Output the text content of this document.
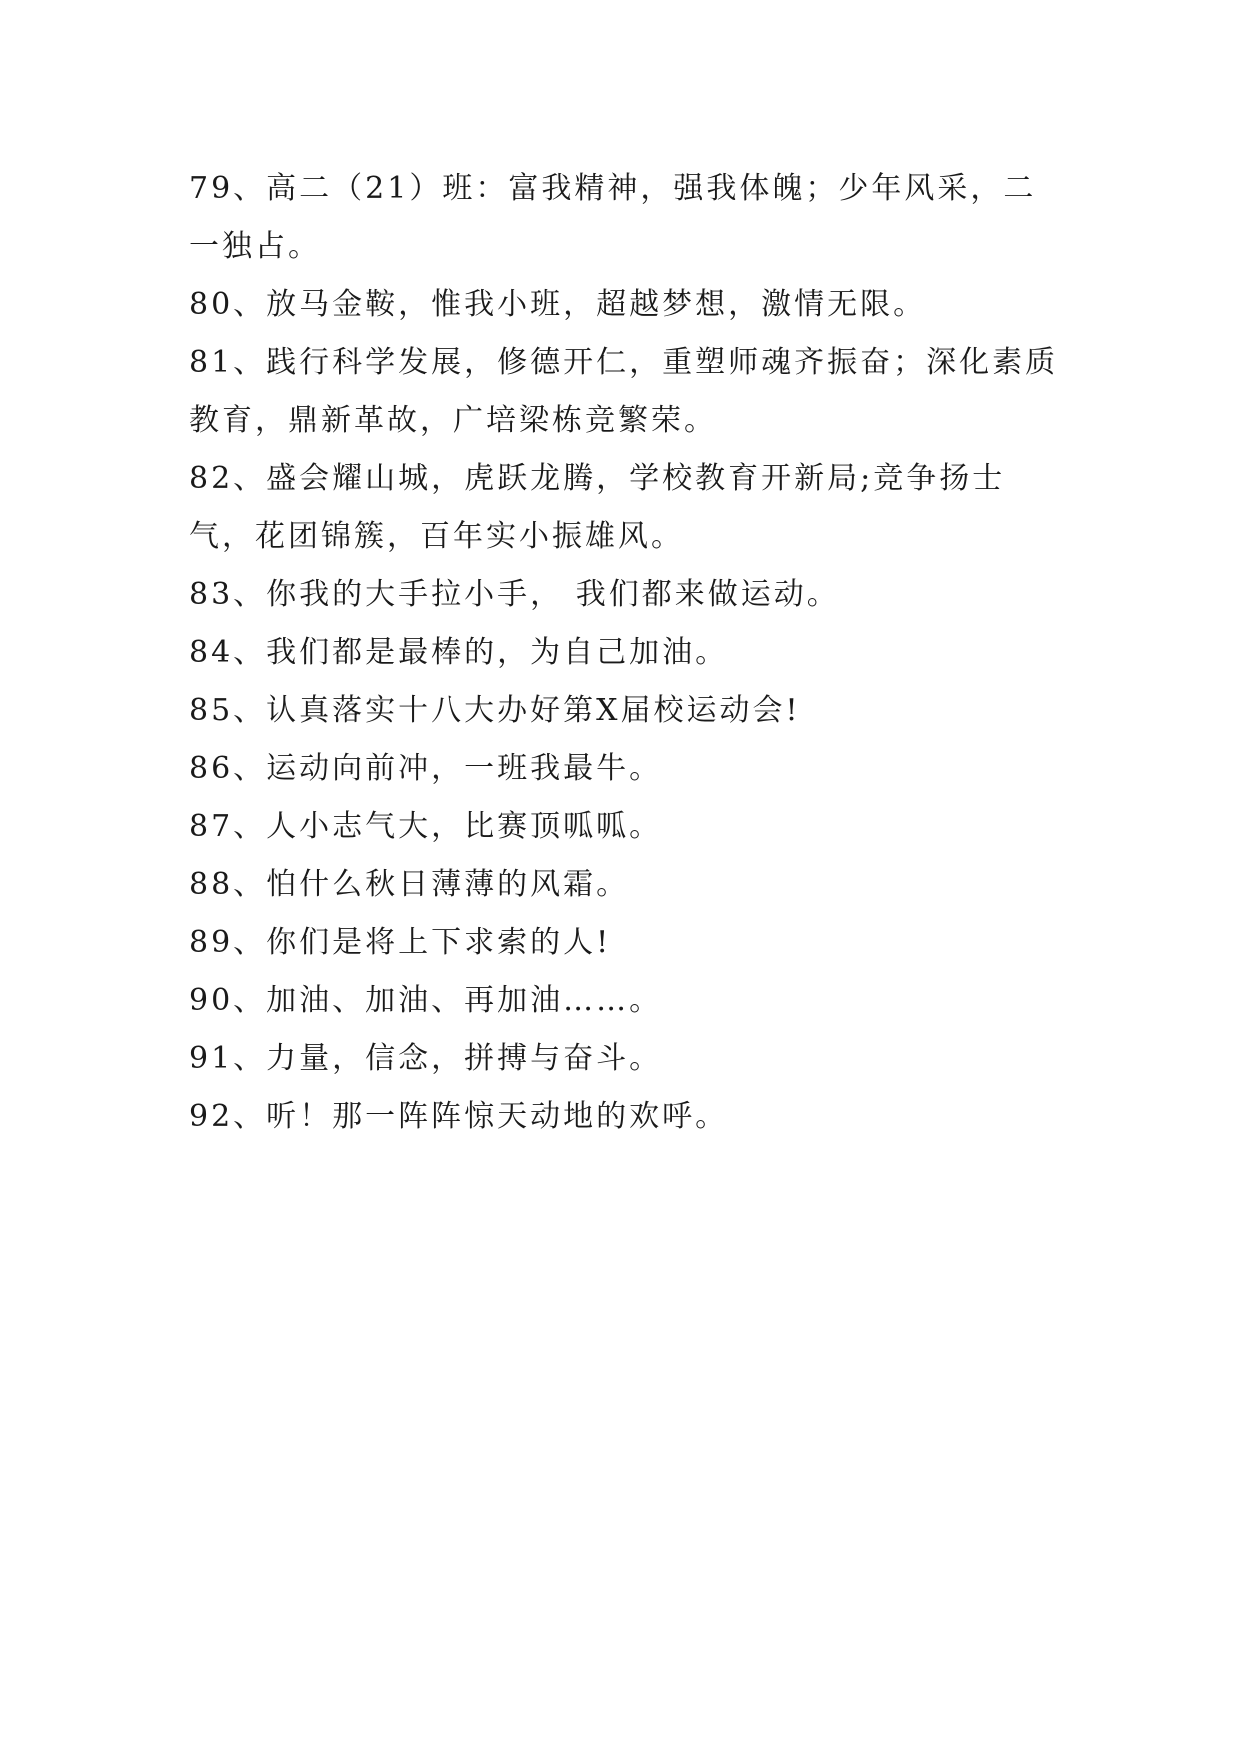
79、高二（21）班：富我精神，强我体魄；少年风采，二一独占。

80、放马金鞍，惟我小班，超越梦想，激情无限。

81、践行科学发展，修德开仁，重塑师魂齐振奋；深化素质教育，鼎新革故，广培梁栋竞繁荣。

82、盛会耀山城，虎跃龙腾，学校教育开新局;竞争扬士气，花团锦簇，百年实小振雄风。

83、你我的大手拉小手， 我们都来做运动。

84、我们都是最棒的，为自己加油。

85、认真落实十八大办好第X届校运动会!

86、运动向前冲，一班我最牛。

87、人小志气大，比赛顶呱呱。

88、怕什么秋日薄薄的风霜。

89、你们是将上下求索的人!

90、加油、加油、再加油……。

91、力量，信念，拼搏与奋斗。

92、听！那一阵阵惊天动地的欢呼。
